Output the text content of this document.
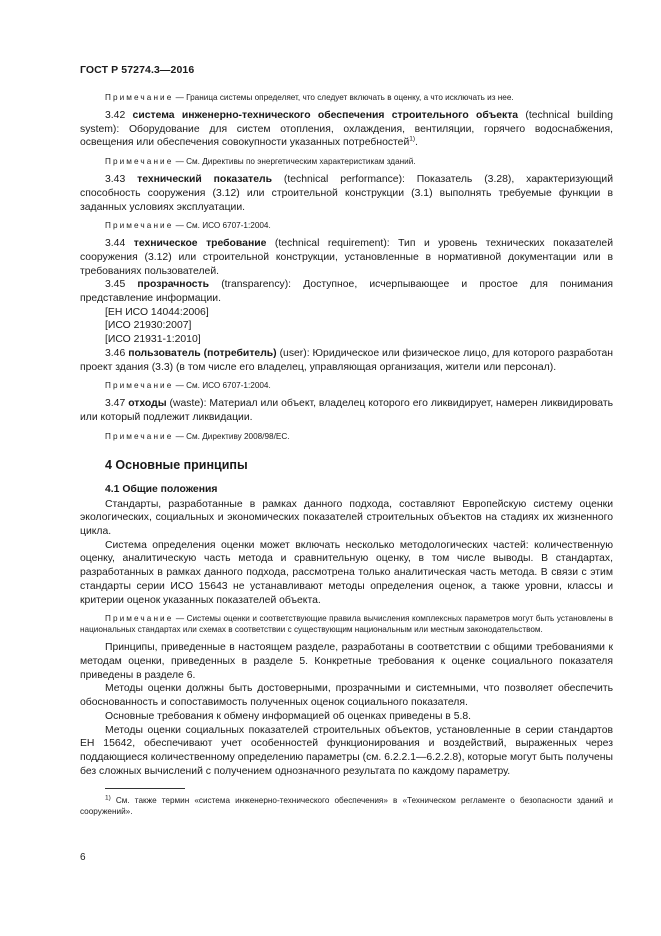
ГОСТ Р 57274.3—2016

Примечание — Граница системы определяет, что следует включать в оценку, а что исключать из нее.

3.42 система инженерно-технического обеспечения строительного объекта (technical building system): Оборудование для систем отопления, охлаждения, вентиляции, горячего водоснабжения, освещения или обеспечения совокупности указанных потребностей$^{1)}$.

Примечание — См. Директивы по энергетическим характеристикам зданий.

3.43 технический показатель (technical performance): Показатель (3.28), характеризующий способность сооружения (3.12) или строительной конструкции (3.1) выполнять требуемые функции в заданных условиях эксплуатации.

Примечание — См. ИСО 6707-1:2004.

3.44 техническое требование (technical requirement): Тип и уровень технических показателей сооружения (3.12) или строительной конструкции, установленные в нормативной документации или в требованиях пользователей.

3.45 прозрачность (transparency): Доступное, исчерпывающее и простое для понимания представление информации.

[ЕН ИСО 14044:2006]

[ИСО 21930:2007]

[ИСО 21931-1:2010]

3.46 пользователь (потребитель) (user): Юридическое или физическое лицо, для которого разработан проект здания (3.3) (в том числе его владелец, управляющая организация, жители или персонал).

Примечание — См. ИСО 6707-1:2004.

3.47 отходы (waste): Материал или объект, владелец которого его ликвидирует, намерен ликвидировать или который подлежит ликвидации.

Примечание — См. Директиву 2008/98/ЕС.

4 Основные принципы
4.1 Общие положения

Стандарты, разработанные в рамках данного подхода, составляют Европейскую систему оценки экологических, социальных и экономических показателей строительных объектов на стадиях их жизненного цикла.

Система определения оценки может включать несколько методологических частей: количественную оценку, аналитическую часть метода и сравнительную оценку, в том числе выводы. В стандартах, разработанных в рамках данного подхода, рассмотрена только аналитическая часть метода. В связи с этим стандарты серии ИСО 15643 не устанавливают методы определения оценок, а также уровни, классы и критерии оценок указанных показателей объекта.

Примечание — Системы оценки и соответствующие правила вычисления комплексных параметров могут быть установлены в национальных стандартах или схемах в соответствии с существующим национальным или местным законодательством.

Принципы, приведенные в настоящем разделе, разработаны в соответствии с общими требованиями к методам оценки, приведенных в разделе 5. Конкретные требования к оценке социального показателя приведены в разделе 6.

Методы оценки должны быть достоверными, прозрачными и системными, что позволяет обеспечить обоснованность и сопоставимость полученных оценок социального показателя.

Основные требования к обмену информацией об оценках приведены в 5.8.

Методы оценки социальных показателей строительных объектов, установленные в серии стандартов ЕН 15642, обеспечивают учет особенностей функционирования и воздействий, выраженных через поддающиеся количественному определению параметры (см. 6.2.2.1—6.2.2.8), которые могут быть получены без сложных вычислений с получением однозначного результата по каждому параметру.

$^{1)}$ См. также термин «система инженерно-технического обеспечения» в «Техническом регламенте о безопасности зданий и сооружений».

6
